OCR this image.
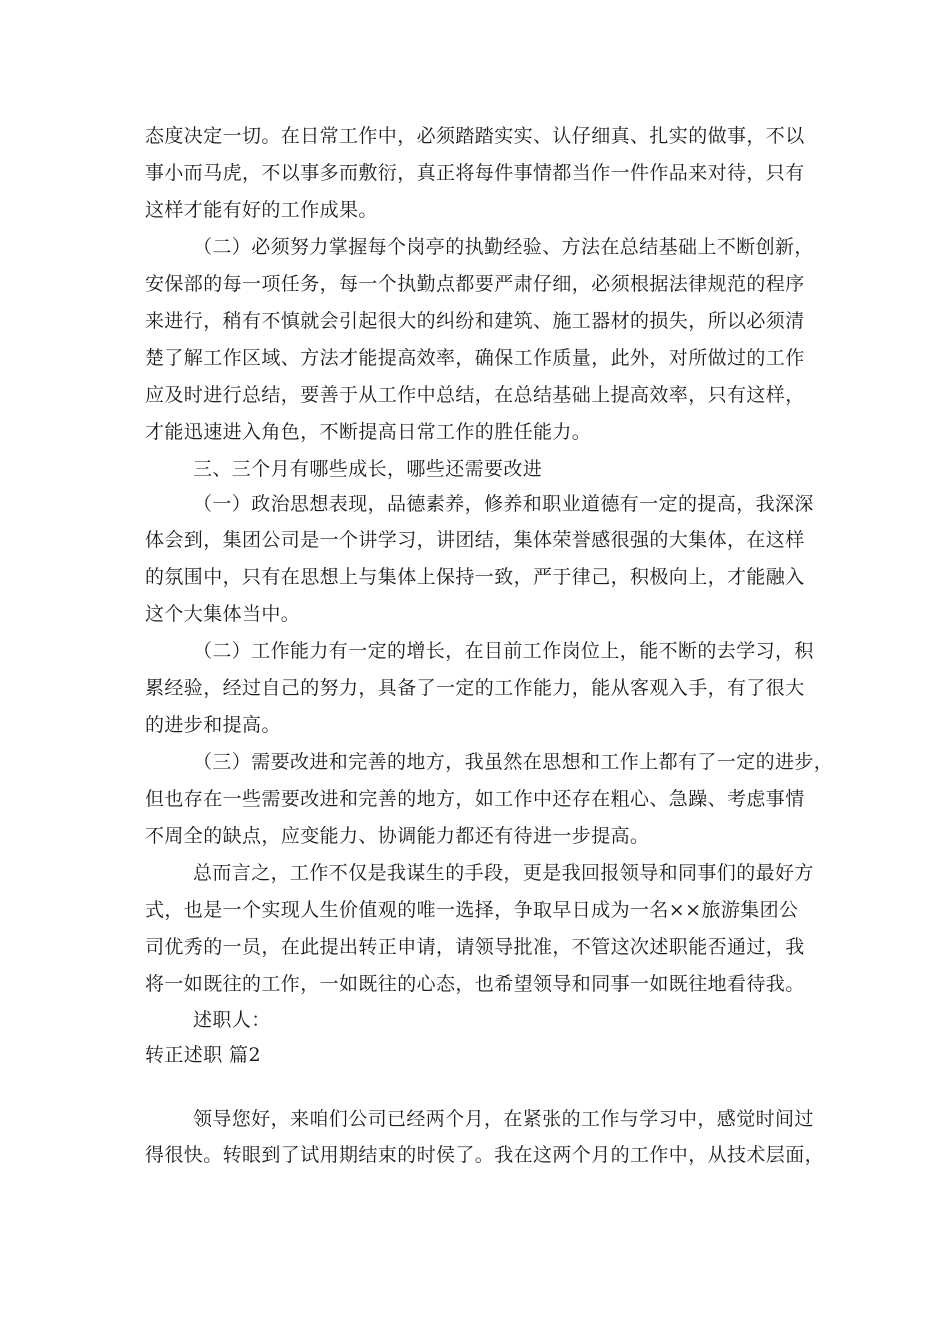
态度决定一切。在日常工作中，必须踏踏实实、认仔细真、扎实的做事，不以
事小而马虎，不以事多而敷衍，真正将每件事情都当作一件作品来对待，只有
这样才能有好的工作成果。
（二）必须努力掌握每个岗亭的执勤经验、方法在总结基础上不断创新，
安保部的每一项任务，每一个执勤点都要严肃仔细，必须根据法律规范的程序
来进行，稍有不慎就会引起很大的纠纷和建筑、施工器材的损失，所以必须清
楚了解工作区域、方法才能提高效率，确保工作质量，此外，对所做过的工作
应及时进行总结，要善于从工作中总结，在总结基础上提高效率，只有这样，
才能迅速进入角色，不断提高日常工作的胜任能力。
三、三个月有哪些成长，哪些还需要改进
（一）政治思想表现，品德素养，修养和职业道德有一定的提高，我深深
体会到，集团公司是一个讲学习，讲团结，集体荣誉感很强的大集体，在这样
的氛围中，只有在思想上与集体上保持一致，严于律己，积极向上，才能融入
这个大集体当中。
（二）工作能力有一定的增长，在目前工作岗位上，能不断的去学习，积
累经验，经过自己的努力，具备了一定的工作能力，能从客观入手，有了很大
的进步和提高。
（三）需要改进和完善的地方，我虽然在思想和工作上都有了一定的进步，
但也存在一些需要改进和完善的地方，如工作中还存在粗心、急躁、考虑事情
不周全的缺点，应变能力、协调能力都还有待进一步提高。
总而言之，工作不仅是我谋生的手段，更是我回报领导和同事们的最好方
式，也是一个实现人生价值观的唯一选择，争取早日成为一名××旅游集团公
司优秀的一员，在此提出转正申请，请领导批准，不管这次述职能否通过，我
将一如既往的工作，一如既往的心态，也希望领导和同事一如既往地看待我。
述职人：
转正述职 篇2
领导您好，来咱们公司已经两个月，在紧张的工作与学习中，感觉时间过
得很快。转眼到了试用期结束的时侯了。我在这两个月的工作中，从技术层面，
